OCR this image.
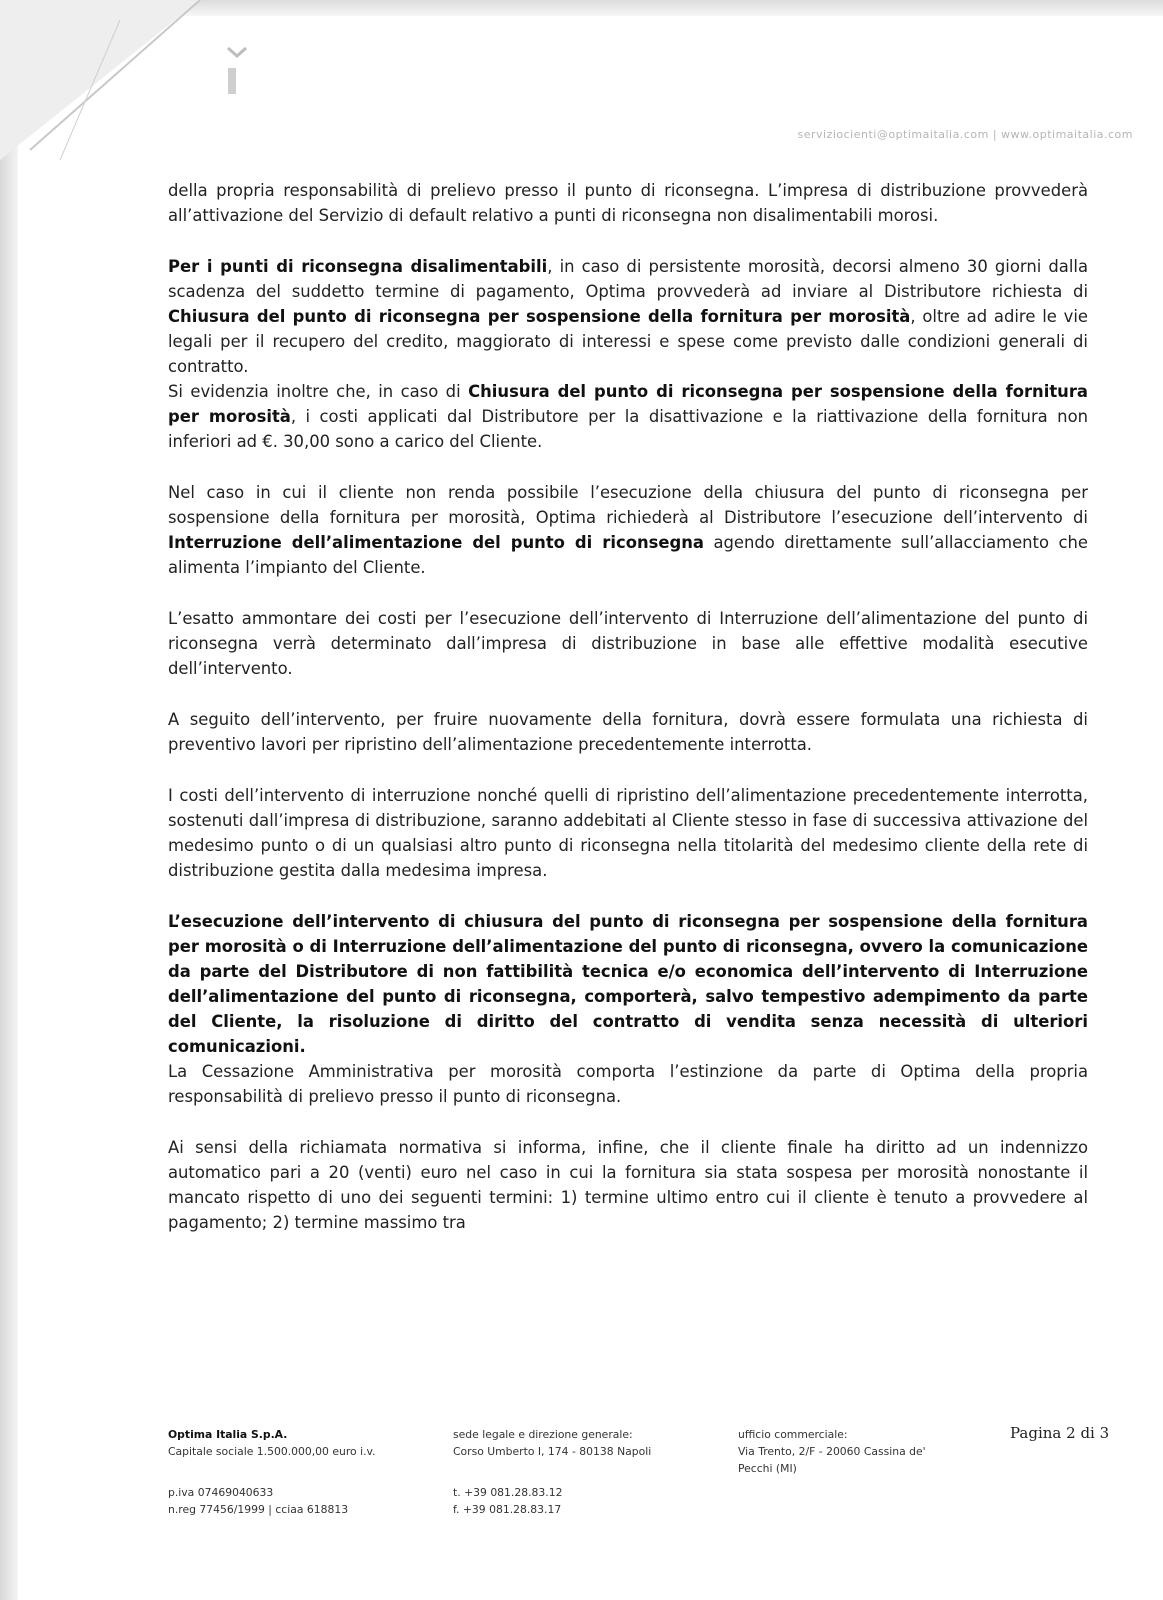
serviziocienti@optimaitalia.com | www.optimaitalia.com

della propria responsabilità di prelievo presso il punto di riconsegna. L’impresa di distribuzione provvederà all’attivazione del Servizio di default relativo a punti di riconsegna non disalimentabili morosi.

Per i punti di riconsegna disalimentabili, in caso di persistente morosità, decorsi almeno 30 giorni dalla scadenza del suddetto termine di pagamento, Optima provvederà ad inviare al Distributore richiesta di Chiusura del punto di riconsegna per sospensione della fornitura per morosità, oltre ad adire le vie legali per il recupero del credito, maggiorato di interessi e spese come previsto dalle condizioni generali di contratto.

Si evidenzia inoltre che, in caso di Chiusura del punto di riconsegna per sospensione della fornitura per morosità, i costi applicati dal Distributore per la disattivazione e la riattivazione della fornitura non inferiori ad €. 30,00 sono a carico del Cliente.

Nel caso in cui il cliente non renda possibile l’esecuzione della chiusura del punto di riconsegna per sospensione della fornitura per morosità, Optima richiederà al Distributore l’esecuzione dell’intervento di Interruzione dell’alimentazione del punto di riconsegna agendo direttamente sull’allacciamento che alimenta l’impianto del Cliente.

L’esatto ammontare dei costi per l’esecuzione dell’intervento di Interruzione dell’alimentazione del punto di riconsegna verrà determinato dall’impresa di distribuzione in base alle effettive modalità esecutive dell’intervento.

A seguito dell’intervento, per fruire nuovamente della fornitura, dovrà essere formulata una richiesta di preventivo lavori per ripristino dell’alimentazione precedentemente interrotta.

I costi dell’intervento di interruzione nonché quelli di ripristino dell’alimentazione precedentemente interrotta, sostenuti dall’impresa di distribuzione, saranno addebitati al Cliente stesso in fase di successiva attivazione del medesimo punto o di un qualsiasi altro punto di riconsegna nella titolarità del medesimo cliente della rete di distribuzione gestita dalla medesima impresa.

L’esecuzione dell’intervento di chiusura del punto di riconsegna per sospensione della fornitura per morosità o di Interruzione dell’alimentazione del punto di riconsegna, ovvero la comunicazione da parte del Distributore di non fattibilità tecnica e/o economica dell’intervento di Interruzione dell’alimentazione del punto di riconsegna, comporterà, salvo tempestivo adempimento da parte del Cliente, la risoluzione di diritto del contratto di vendita senza necessità di ulteriori comunicazioni.

La Cessazione Amministrativa per morosità comporta l’estinzione da parte di Optima della propria responsabilità di prelievo presso il punto di riconsegna.

Ai sensi della richiamata normativa si informa, infine, che il cliente finale ha diritto ad un indennizzo automatico pari a 20 (venti) euro nel caso in cui la fornitura sia stata sospesa per morosità nonostante il mancato rispetto di uno dei seguenti termini: 1) termine ultimo entro cui il cliente è tenuto a provvedere al pagamento; 2) termine massimo tra

Pagina 2 di 3
Optima Italia S.p.A.
Capitale sociale 1.500.000,00 euro i.v.
p.iva 07469040633
n.reg 77456/1999 | cciaa 618813
sede legale e direzione generale:
Corso Umberto I, 174 - 80138 Napoli
t. +39 081.28.83.12
f. +39 081.28.83.17
ufficio commerciale:
Via Trento, 2/F - 20060 Cassina de' Pecchi (MI)
